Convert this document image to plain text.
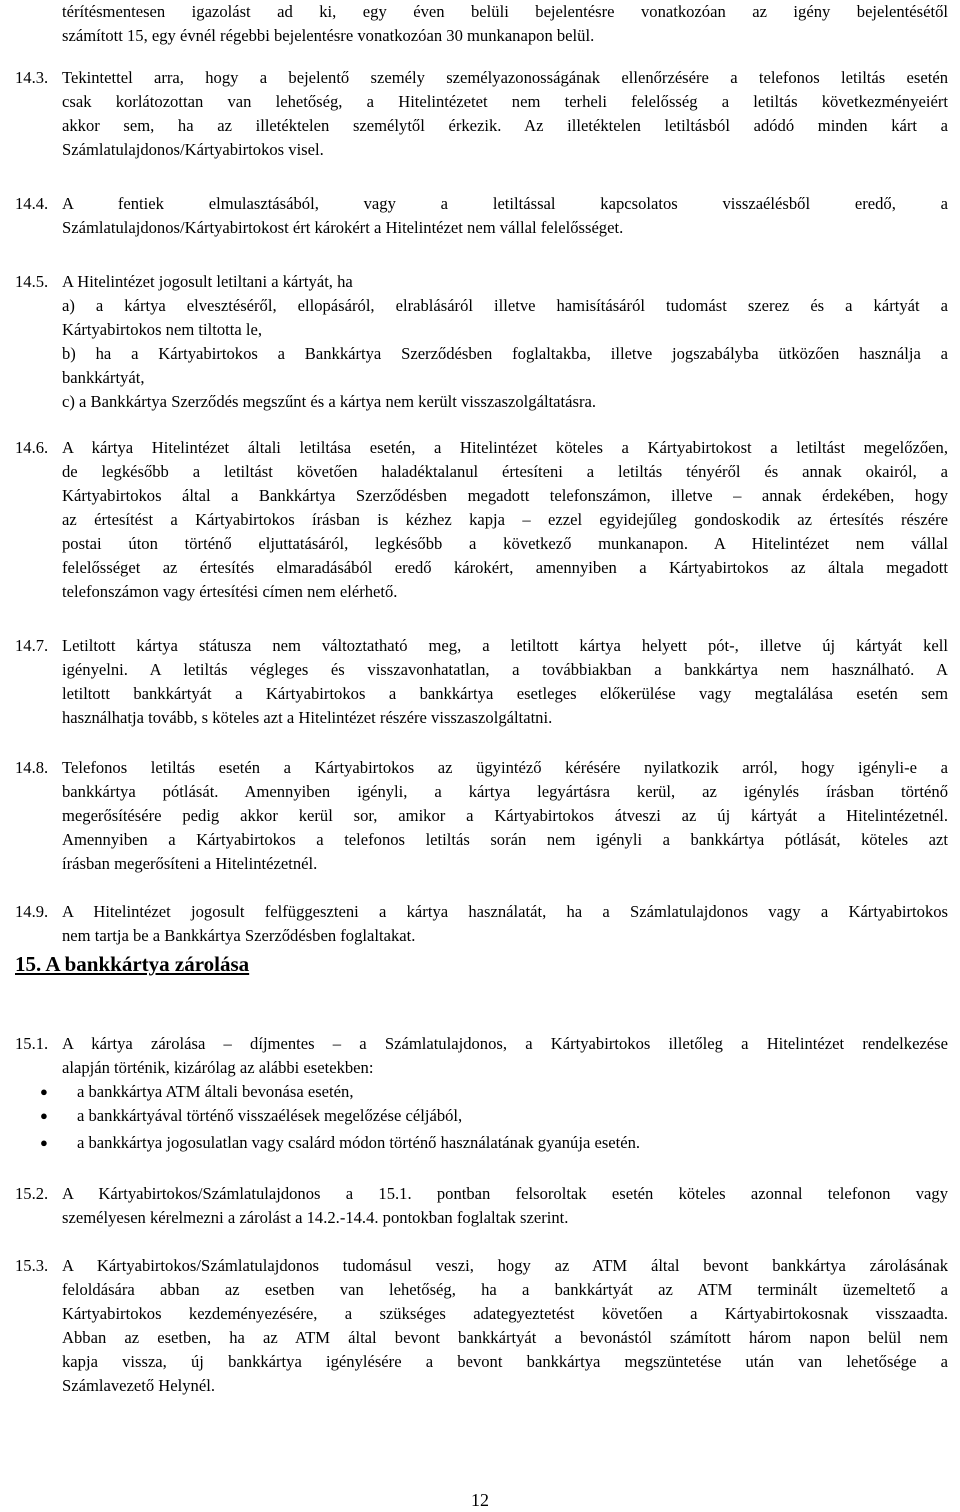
térítésmentesen igazolást ad ki, egy éven belüli bejelentésre vonatkozóan az igény bejelentésétől
számított 15, egy évnél régebbi bejelentésre vonatkozóan 30 munkanapon belül.
14.3. Tekintettel arra, hogy a bejelentő személy személyazonosságának ellenőrzésére a telefonos letiltás esetén
csak korlátozottan van lehetőség, a Hitelintézetet nem terheli felelősség a letiltás következményeiért
akkor sem, ha az illetéktelen személytől érkezik. Az illetéktelen letiltásból adódó minden kárt a
Számlatulajdonos/Kártyabirtokos visel.
14.4. A fentiek elmulasztásából, vagy a letiltással kapcsolatos visszaélésből eredő, a
Számlatulajdonos/Kártyabirtokost ért károkért a Hitelintézet nem vállal felelősséget.
14.5. A Hitelintézet jogosult letiltani a kártyát, ha
a) a kártya elvesztéséről, ellopásáról, elrablásáról illetve hamisításáról tudomást szerez és a kártyát a
Kártyabirtokos nem tiltotta le,
b) ha a Kártyabirtokos a Bankkártya Szerződésben foglaltakba, illetve jogszabályba ütközően használja a
bankkártyát,
c) a Bankkártya Szerződés megszűnt és a kártya nem került visszaszolgáltatásra.
14.6. A kártya Hitelintézet általi letiltása esetén, a Hitelintézet köteles a Kártyabirtokost a letiltást megelőzően,
de legkésőbb a letiltást követően haladéktalanul értesíteni a letiltás tényéről és annak okairól, a
Kártyabirtokos által a Bankkártya Szerződésben megadott telefonszámon, illetve – annak érdekében, hogy
az értesítést a Kártyabirtokos írásban is kézhez kapja – ezzel egyidejűleg gondoskodik az értesítés részére
postai úton történő eljuttatásáról, legkésőbb a következő munkanapon. A Hitelintézet nem vállal
felelősséget az értesítés elmaradásából eredő károkért, amennyiben a Kártyabirtokos az általa megadott
telefonszámon vagy értesítési címen nem elérhető.
14.7. Letiltott kártya státusza nem változtatható meg, a letiltott kártya helyett pót-, illetve új kártyát kell
igényelni. A letiltás végleges és visszavonhatatlan, a továbbiakban a bankkártya nem használható. A
letiltott bankkártyát a Kártyabirtokos a bankkártya esetleges előkerülése vagy megtalálása esetén sem
használhatja tovább, s köteles azt a Hitelintézet részére visszaszolgáltatni.
14.8. Telefonos letiltás esetén a Kártyabirtokos az ügyintéző kérésére nyilatkozik arról, hogy igényli-e a
bankkártya pótlását. Amennyiben igényli, a kártya legyártásra kerül, az igénylés írásban történő
megerősítésére pedig akkor kerül sor, amikor a Kártyabirtokos átveszi az új kártyát a Hitelintézetnél.
Amennyiben a Kártyabirtokos a telefonos letiltás során nem igényli a bankkártya pótlását, köteles azt
írásban megerősíteni a Hitelintézetnél.
14.9. A Hitelintézet jogosult felfüggeszteni a kártya használatát, ha a Számlatulajdonos vagy a Kártyabirtokos
nem tartja be a Bankkártya Szerződésben foglaltakat.
15. A bankkártya zárolása
15.1. A kártya zárolása – díjmentes – a Számlatulajdonos, a Kártyabirtokos illetőleg a Hitelintézet rendelkezése
alapján történik, kizárólag az alábbi esetekben:
● a bankkártya ATM általi bevonása esetén,
● a bankkártyával történő visszaélések megelőzése céljából,
● a bankkártya jogosulatlan vagy csalárd módon történő használatának gyanúja esetén.
15.2. A Kártyabirtokos/Számlatulajdonos a 15.1. pontban felsoroltak esetén köteles azonnal telefonon vagy
személyesen kérelmezni a zárolást a 14.2.-14.4. pontokban foglaltak szerint.
15.3. A Kártyabirtokos/Számlatulajdonos tudomásul veszi, hogy az ATM által bevont bankkártya zárolásának
feloldására abban az esetben van lehetőség, ha a bankkártyát az ATM terminált üzemeltető a
Kártyabirtokos kezdeményezésére, a szükséges adategyeztetést követően a Kártyabirtokosnak visszaadta.
Abban az esetben, ha az ATM által bevont bankkártyát a bevonástól számított három napon belül nem
kapja vissza, új bankkártya igénylésére a bevont bankkártya megszüntetése után van lehetősége a
Számlavezető Helynél.
12
